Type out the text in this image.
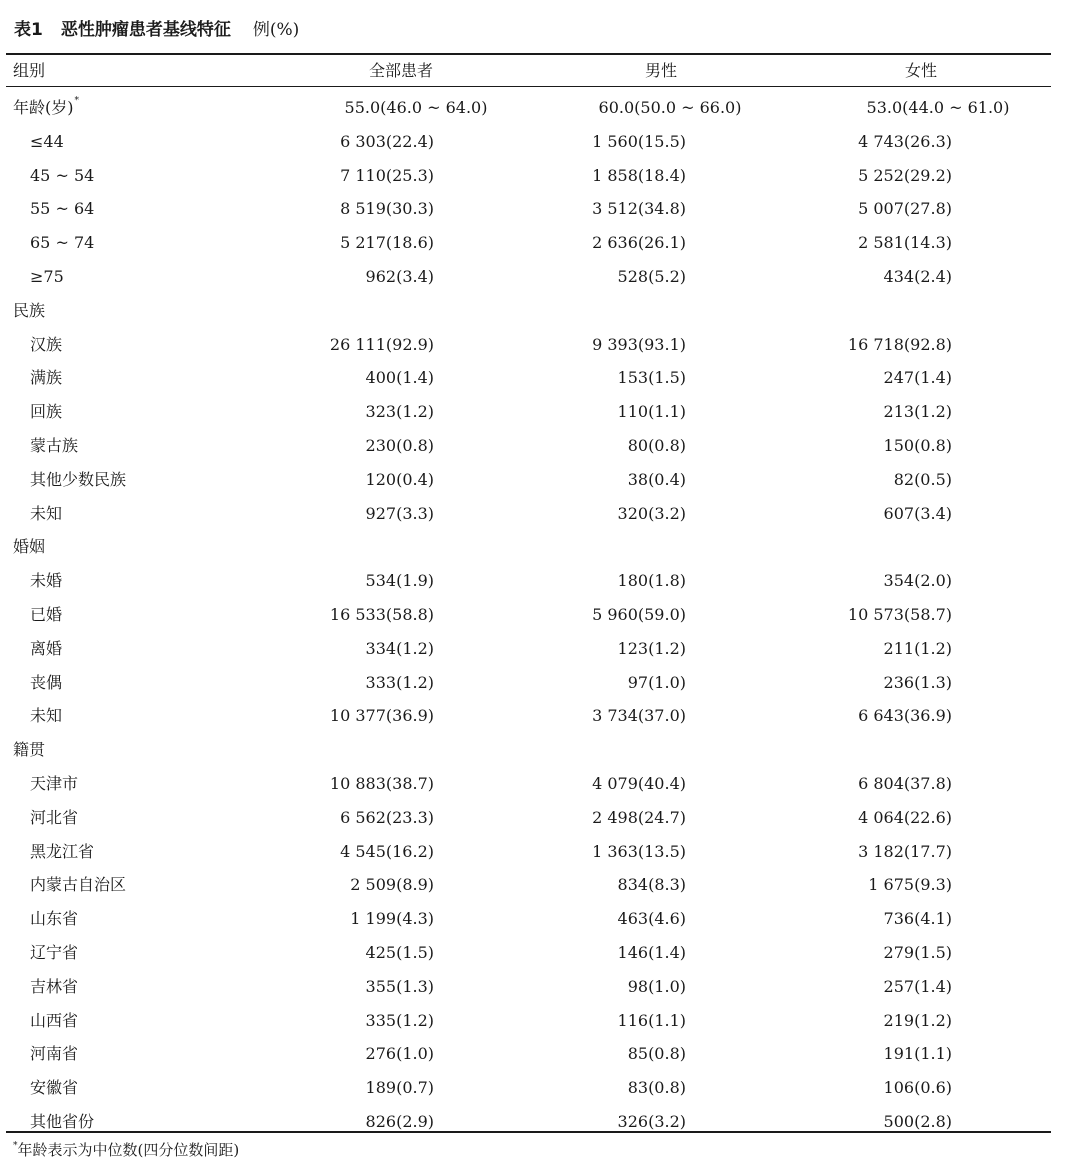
表1 恶性肿瘤患者基线特征 例(%)
组别	全部患者	男性	女性
年龄(岁)*	55.0(46.0 ~ 64.0)	60.0(50.0 ~ 66.0)	53.0(44.0 ~ 61.0)
≤44	6 303(22.4)	1 560(15.5)	4 743(26.3)
45 ~ 54	7 110(25.3)	1 858(18.4)	5 252(29.2)
55 ~ 64	8 519(30.3)	3 512(34.8)	5 007(27.8)
65 ~ 74	5 217(18.6)	2 636(26.1)	2 581(14.3)
≥75	962(3.4)	528(5.2)	434(2.4)
民族
汉族	26 111(92.9)	9 393(93.1)	16 718(92.8)
满族	400(1.4)	153(1.5)	247(1.4)
回族	323(1.2)	110(1.1)	213(1.2)
蒙古族	230(0.8)	80(0.8)	150(0.8)
其他少数民族	120(0.4)	38(0.4)	82(0.5)
未知	927(3.3)	320(3.2)	607(3.4)
婚姻
未婚	534(1.9)	180(1.8)	354(2.0)
已婚	16 533(58.8)	5 960(59.0)	10 573(58.7)
离婚	334(1.2)	123(1.2)	211(1.2)
丧偶	333(1.2)	97(1.0)	236(1.3)
未知	10 377(36.9)	3 734(37.0)	6 643(36.9)
籍贯
天津市	10 883(38.7)	4 079(40.4)	6 804(37.8)
河北省	6 562(23.3)	2 498(24.7)	4 064(22.6)
黑龙江省	4 545(16.2)	1 363(13.5)	3 182(17.7)
内蒙古自治区	2 509(8.9)	834(8.3)	1 675(9.3)
山东省	1 199(4.3)	463(4.6)	736(4.1)
辽宁省	425(1.5)	146(1.4)	279(1.5)
吉林省	355(1.3)	98(1.0)	257(1.4)
山西省	335(1.2)	116(1.1)	219(1.2)
河南省	276(1.0)	85(0.8)	191(1.1)
安徽省	189(0.7)	83(0.8)	106(0.6)
其他省份	826(2.9)	326(3.2)	500(2.8)
*年龄表示为中位数(四分位数间距)
